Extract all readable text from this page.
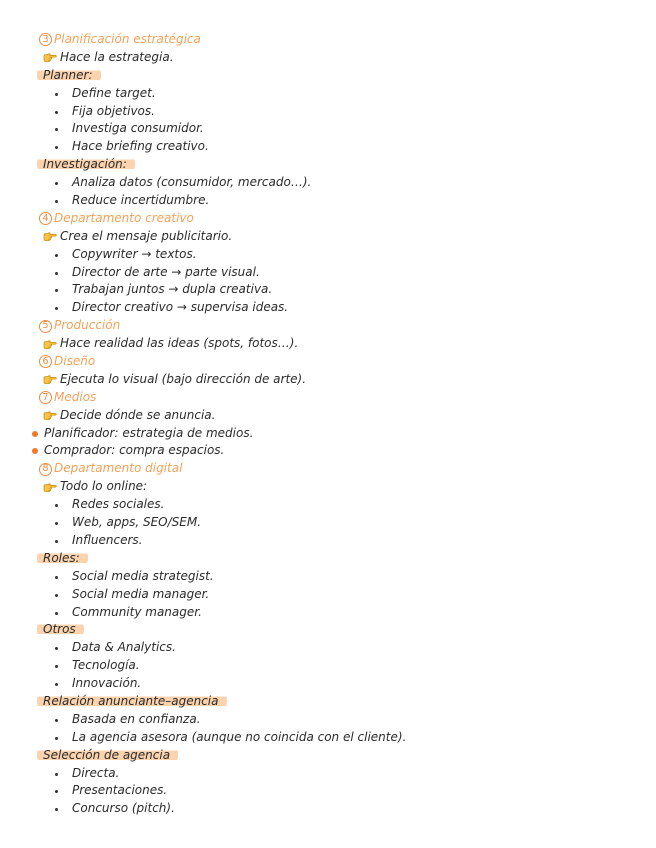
3 Planificación estratégica
Hace la estrategia.
Planner:
Define target.
Fija objetivos.
Investiga consumidor.
Hace briefing creativo.
Investigación:
Analiza datos (consumidor, mercado…).
Reduce incertidumbre.
4 Departamento creativo
Crea el mensaje publicitario.
Copywriter → textos.
Director de arte → parte visual.
Trabajan juntos → dupla creativa.
Director creativo → supervisa ideas.
5 Producción
Hace realidad las ideas (spots, fotos…).
6 Diseño
Ejecuta lo visual (bajo dirección de arte).
7 Medios
Decide dónde se anuncia.
Planificador: estrategia de medios.
Comprador: compra espacios.
8 Departamento digital
Todo lo online:
Redes sociales.
Web, apps, SEO/SEM.
Influencers.
Roles:
Social media strategist.
Social media manager.
Community manager.
Otros
Data & Analytics.
Tecnología.
Innovación.
Relación anunciante–agencia
Basada en confianza.
La agencia asesora (aunque no coincida con el cliente).
Selección de agencia
Directa.
Presentaciones.
Concurso (pitch).
